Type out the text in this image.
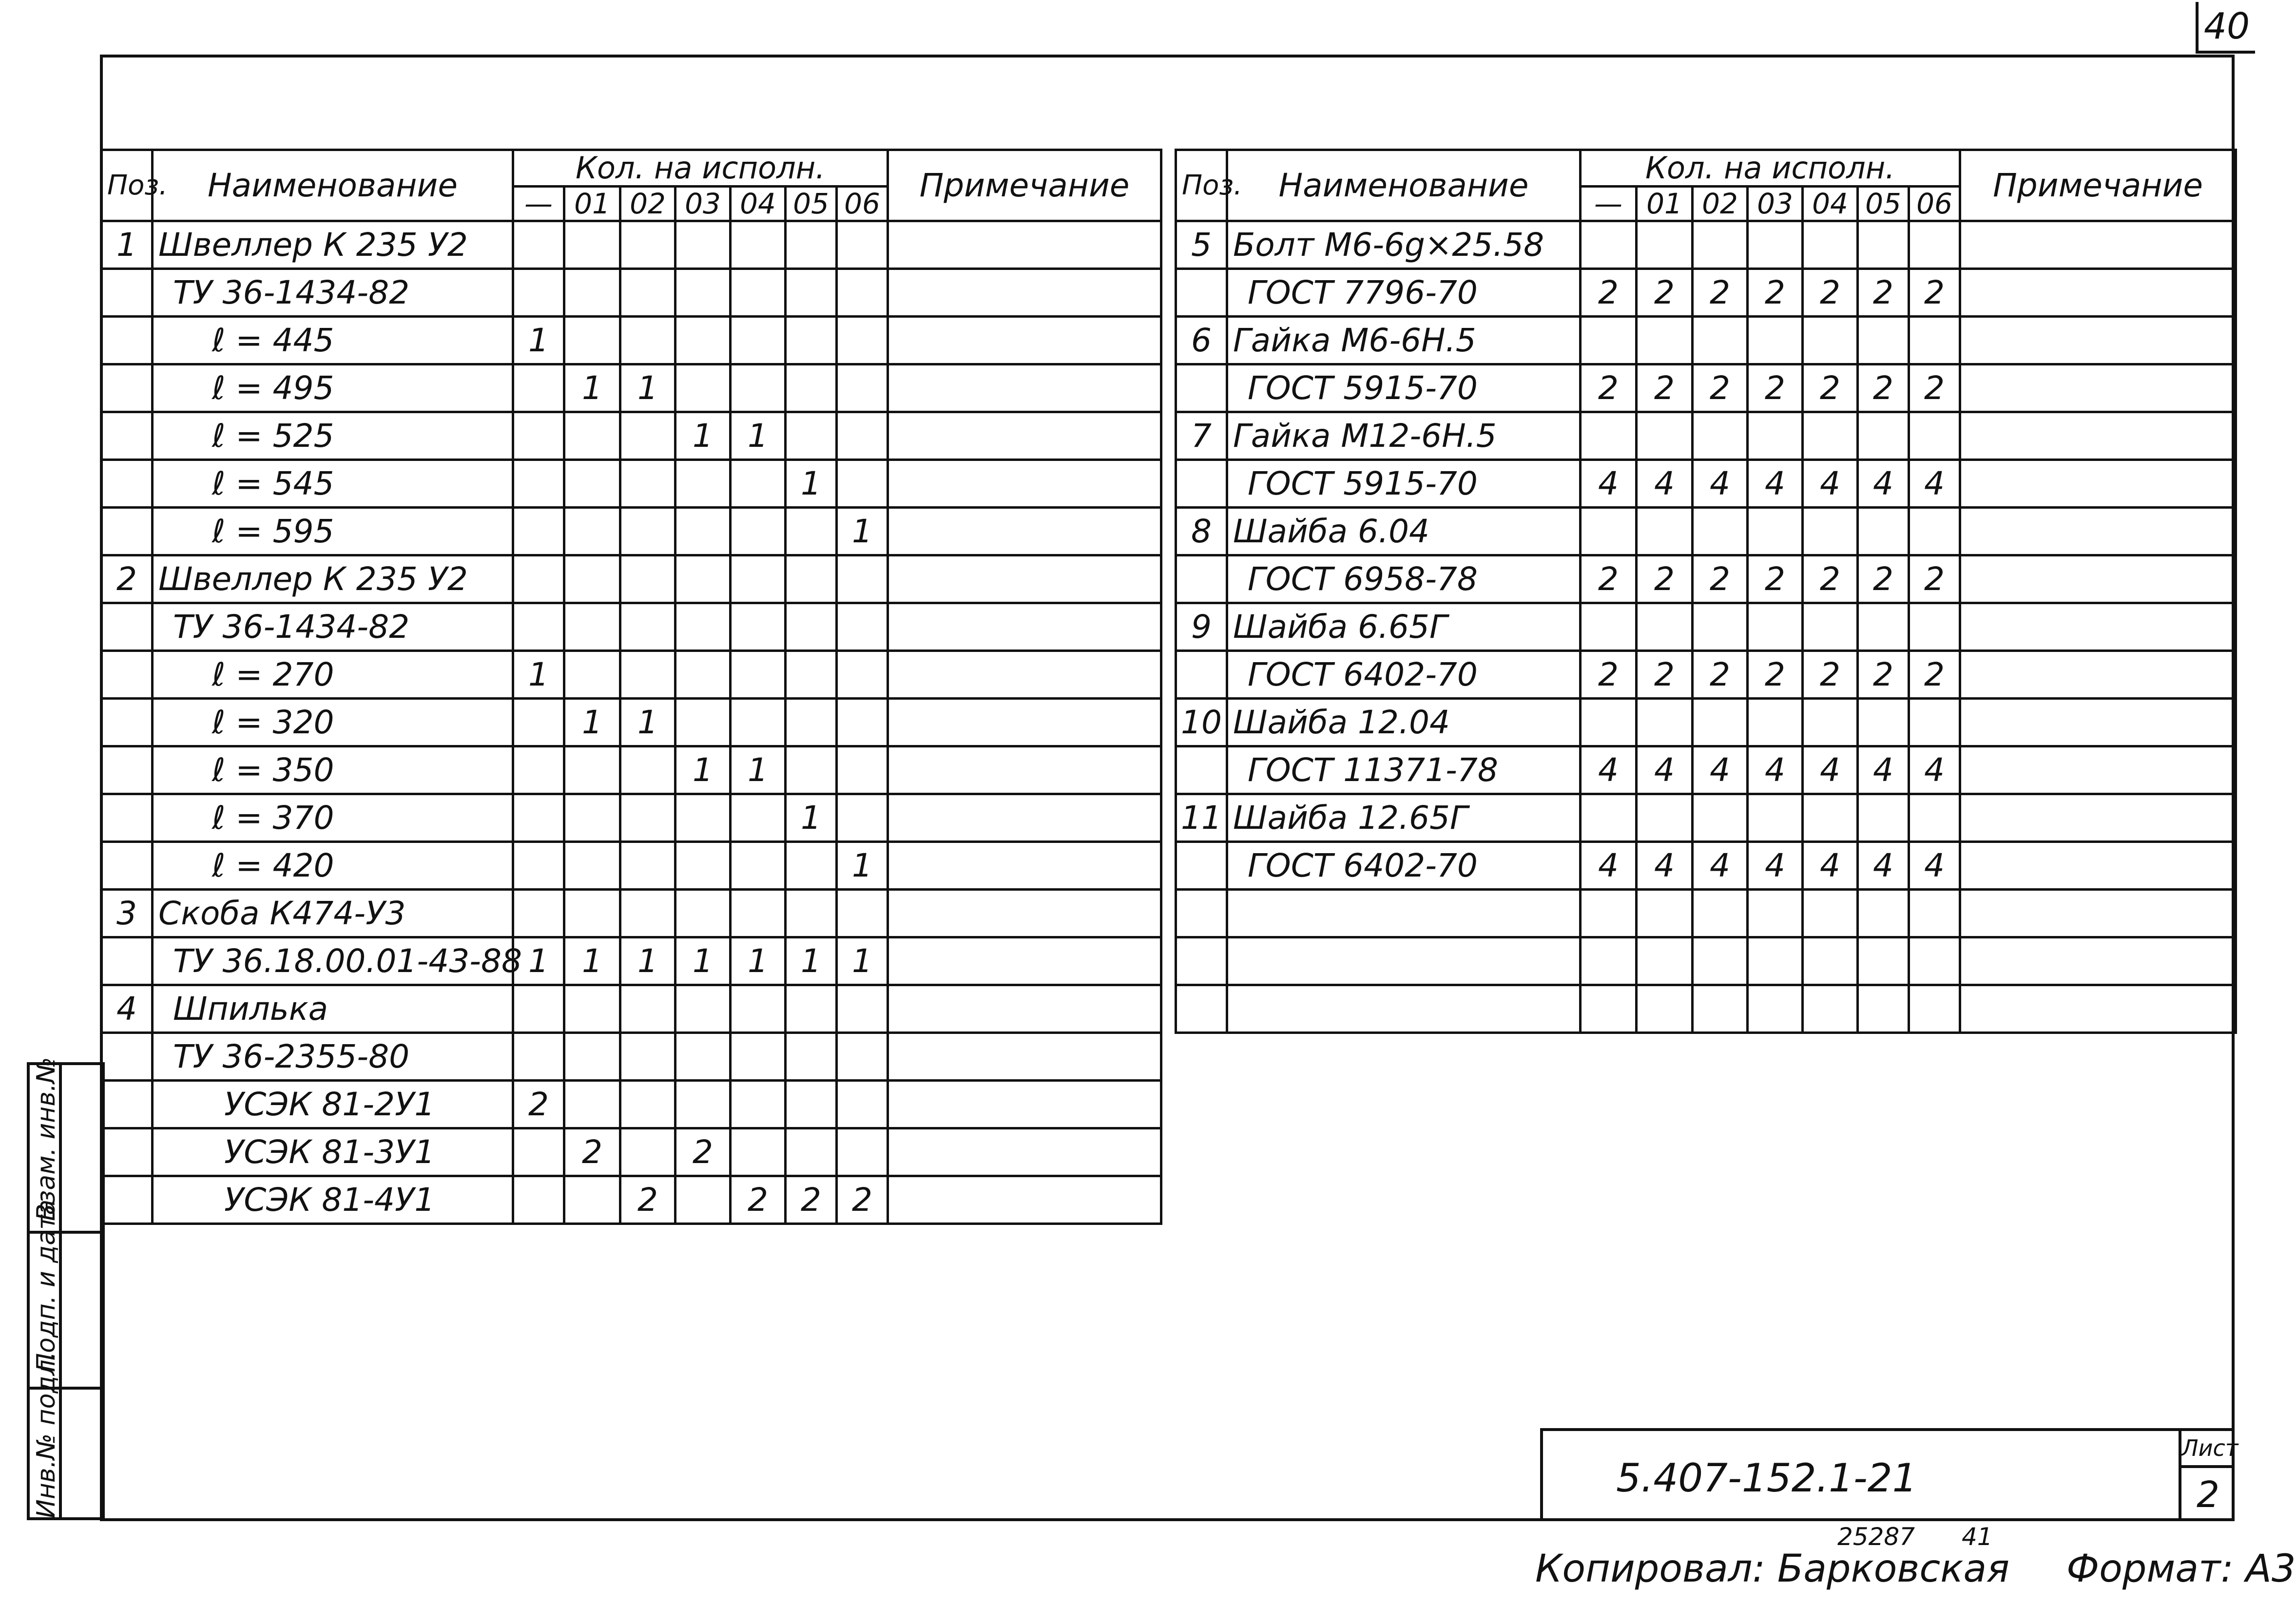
40
Поз.	Наименование	Кол. на исполн.							Примечание
		—	01	02	03	04	05	06	
1	Швеллер К 235 У2								
	ТУ 36-1434-82								
	ℓ = 445	1							
	ℓ = 495		1	1					
	ℓ = 525				1	1			
	ℓ = 545						1		
	ℓ = 595							1	
2	Швеллер К 235 У2								
	ТУ 36-1434-82								
	ℓ = 270	1							
	ℓ = 320		1	1					
	ℓ = 350				1	1			
	ℓ = 370						1		
	ℓ = 420							1	
3	Скоба К474-У3								
	ТУ 36.18.00.01-43-88	1	1	1	1	1	1	1	
4	Шпилька								
	ТУ 36-2355-80								
	УСЭК 81-2У1	2							
	УСЭК 81-3У1		2		2				
	УСЭК 81-4У1			2		2	2	2	
Поз.	Наименование	Кол. на исполн.							Примечание
		—	01	02	03	04	05	06	
5	Болт М6-6g×25.58								
	ГОСТ 7796-70	2	2	2	2	2	2	2	
6	Гайка М6-6Н.5								
	ГОСТ 5915-70	2	2	2	2	2	2	2	
7	Гайка М12-6Н.5								
	ГОСТ 5915-70	4	4	4	4	4	4	4	
8	Шайба 6.04								
	ГОСТ 6958-78	2	2	2	2	2	2	2	
9	Шайба 6.65Г								
	ГОСТ 6402-70	2	2	2	2	2	2	2	
10	Шайба 12.04								
	ГОСТ 11371-78	4	4	4	4	4	4	4	
11	Шайба 12.65Г								
	ГОСТ 6402-70	4	4	4	4	4	4	4	

Инв.№ подл.
Подп. и дата
Взам. инв.№
5.407-152.1-21
Лист
2
25287 41
Копировал: Барковская Формат: А3
